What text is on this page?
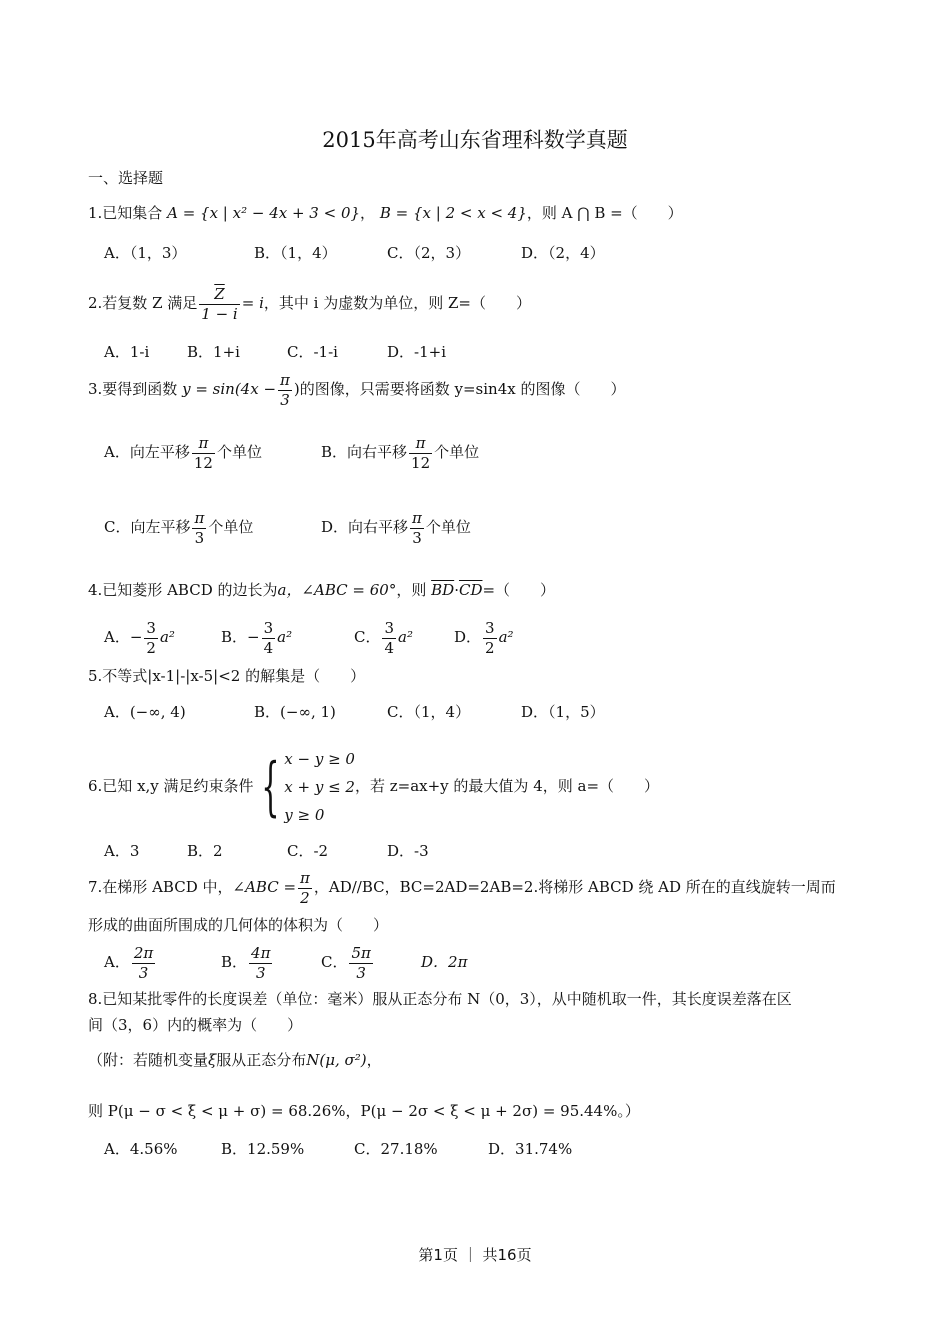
2015年高考山东省理科数学真题
一、选择题
1.已知集合 A = {x | x² − 4x + 3 < 0}， B = {x | 2 < x < 4}，则 A ⋂ B =（　　）
A．（1，3）	B．（1，4）	C．（2，3）	D．（2，4）
2.若复数 Z 满足 $\frac{\overline{Z}}{1 - i} = i$，其中 i 为虚数为单位，则 Z=（　　）
A．1-i	B．1+i	C．-1-i	D．-1+i
3.要得到函数 $y = \sin(4x - \frac{\pi}{3}$ )的图像，只需要将函数 y=sin4x 的图像（　　）
A．向左平移 $\frac{\pi}{12}$ 个单位	B．向右平移 $\frac{\pi}{12}$ 个单位
C．向左平移 $\frac{\pi}{3}$ 个单位	D．向右平移 $\frac{\pi}{3}$ 个单位
4.已知菱形 ABCD 的边长为a，∠ABC = 60°，则 $\overline{BD}\cdot\overline{CD}=$（　　）
A．− $\frac{3}{2} a^2$	B．− $\frac{3}{4} a^2$	C． $\frac{3}{4} a^2$	D． $\frac{3}{2} a^2$
5.不等式|x-1|-|x-5|<2 的解集是（　　）
A．(−∞, 4)	B．(−∞, 1)	C．（1，4）	D．（1，5）
6.已知 x,y 满足约束条件 { x − y ≥ 0
x + y ≤ 2
y ≥ 0
，若 z=ax+y 的最大值为 4，则 a=（　　）
A．3	B．2	C．-2	D．-3
7.在梯形 ABCD 中，∠ABC = $\frac{\pi}{2}$ ，AD//BC，BC=2AD=2AB=2.将梯形 ABCD 绕 AD 所在的直线旋转一周而
形成的曲面所围成的几何体的体积为（　　）
A． $\frac{2\pi}{3}$	B． $\frac{4\pi}{3}$	C． $\frac{5\pi}{3}$	D．2π
8.已知某批零件的长度误差（单位：毫米）服从正态分布 N（0，3），从中随机取一件，其长度误差落在区
间（3，6）内的概率为（　　）
（附：若随机变量ξ服从正态分布N(μ, σ²)，
则 P(μ − σ < ξ < μ + σ) = 68.26%，P(μ − 2σ < ξ < μ + 2σ) = 95.44%。）
A．4.56%	B．12.59%	C．27.18%	D．31.74%
第1页 ｜ 共16页
